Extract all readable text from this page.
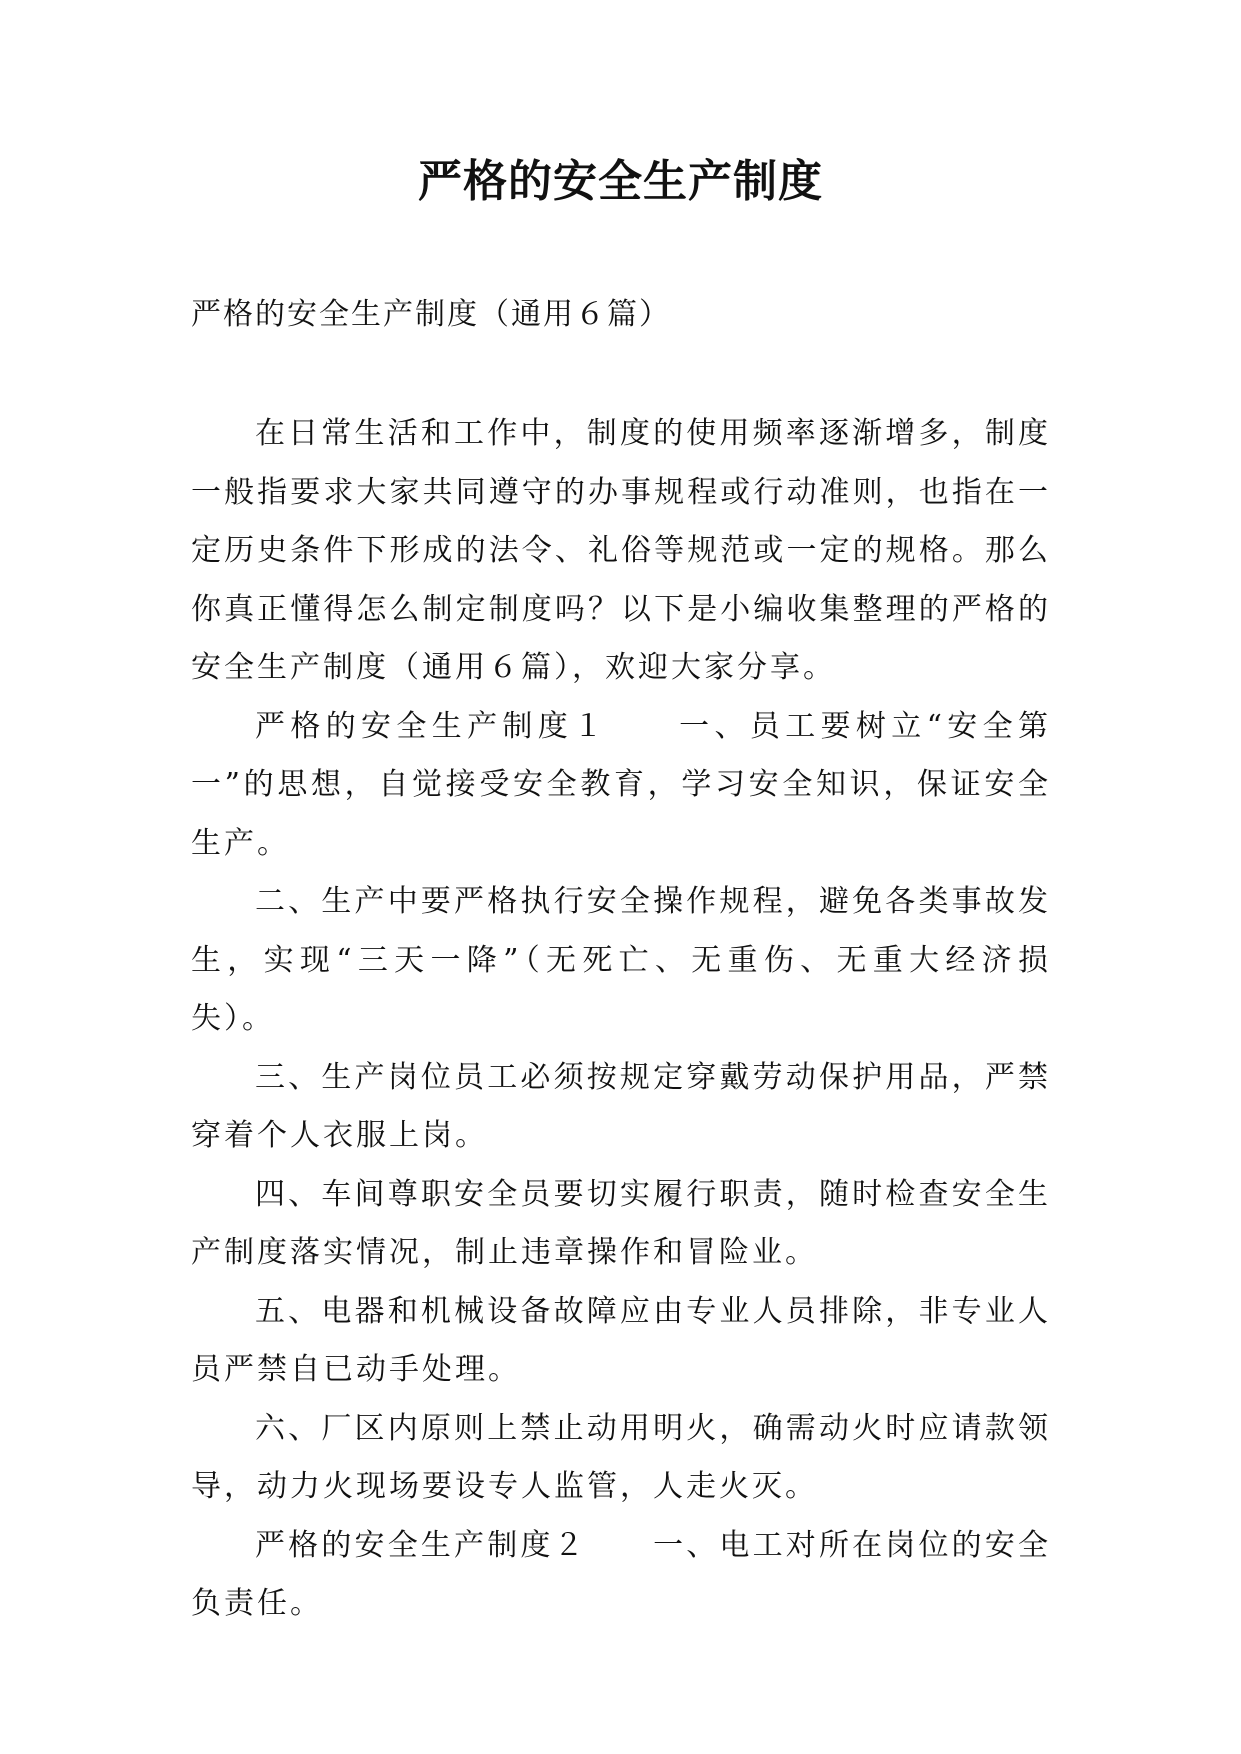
严格的安全生产制度

严格的安全生产制度（通用６篇）

在日常生活和工作中，制度的使用频率逐渐增多，制度一般指要求大家共同遵守的办事规程或行动准则，也指在一定历史条件下形成的法令、礼俗等规范或一定的规格。那么你真正懂得怎么制定制度吗？以下是小编收集整理的严格的安全生产制度（通用６篇），欢迎大家分享。

严格的安全生产制度１　　一、员工要树立“安全第一”的思想，自觉接受安全教育，学习安全知识，保证安全生产。

二、生产中要严格执行安全操作规程，避免各类事故发生，实现“三天一降”（无死亡、无重伤、无重大经济损失）。

三、生产岗位员工必须按规定穿戴劳动保护用品，严禁穿着个人衣服上岗。

四、车间尊职安全员要切实履行职责，随时检查安全生产制度落实情况，制止违章操作和冒险业。

五、电器和机械设备故障应由专业人员排除，非专业人员严禁自已动手处理。

六、厂区内原则上禁止动用明火，确需动火时应请款领导，动力火现场要设专人监管，人走火灭。

严格的安全生产制度２　　一、电工对所在岗位的安全负责任。
